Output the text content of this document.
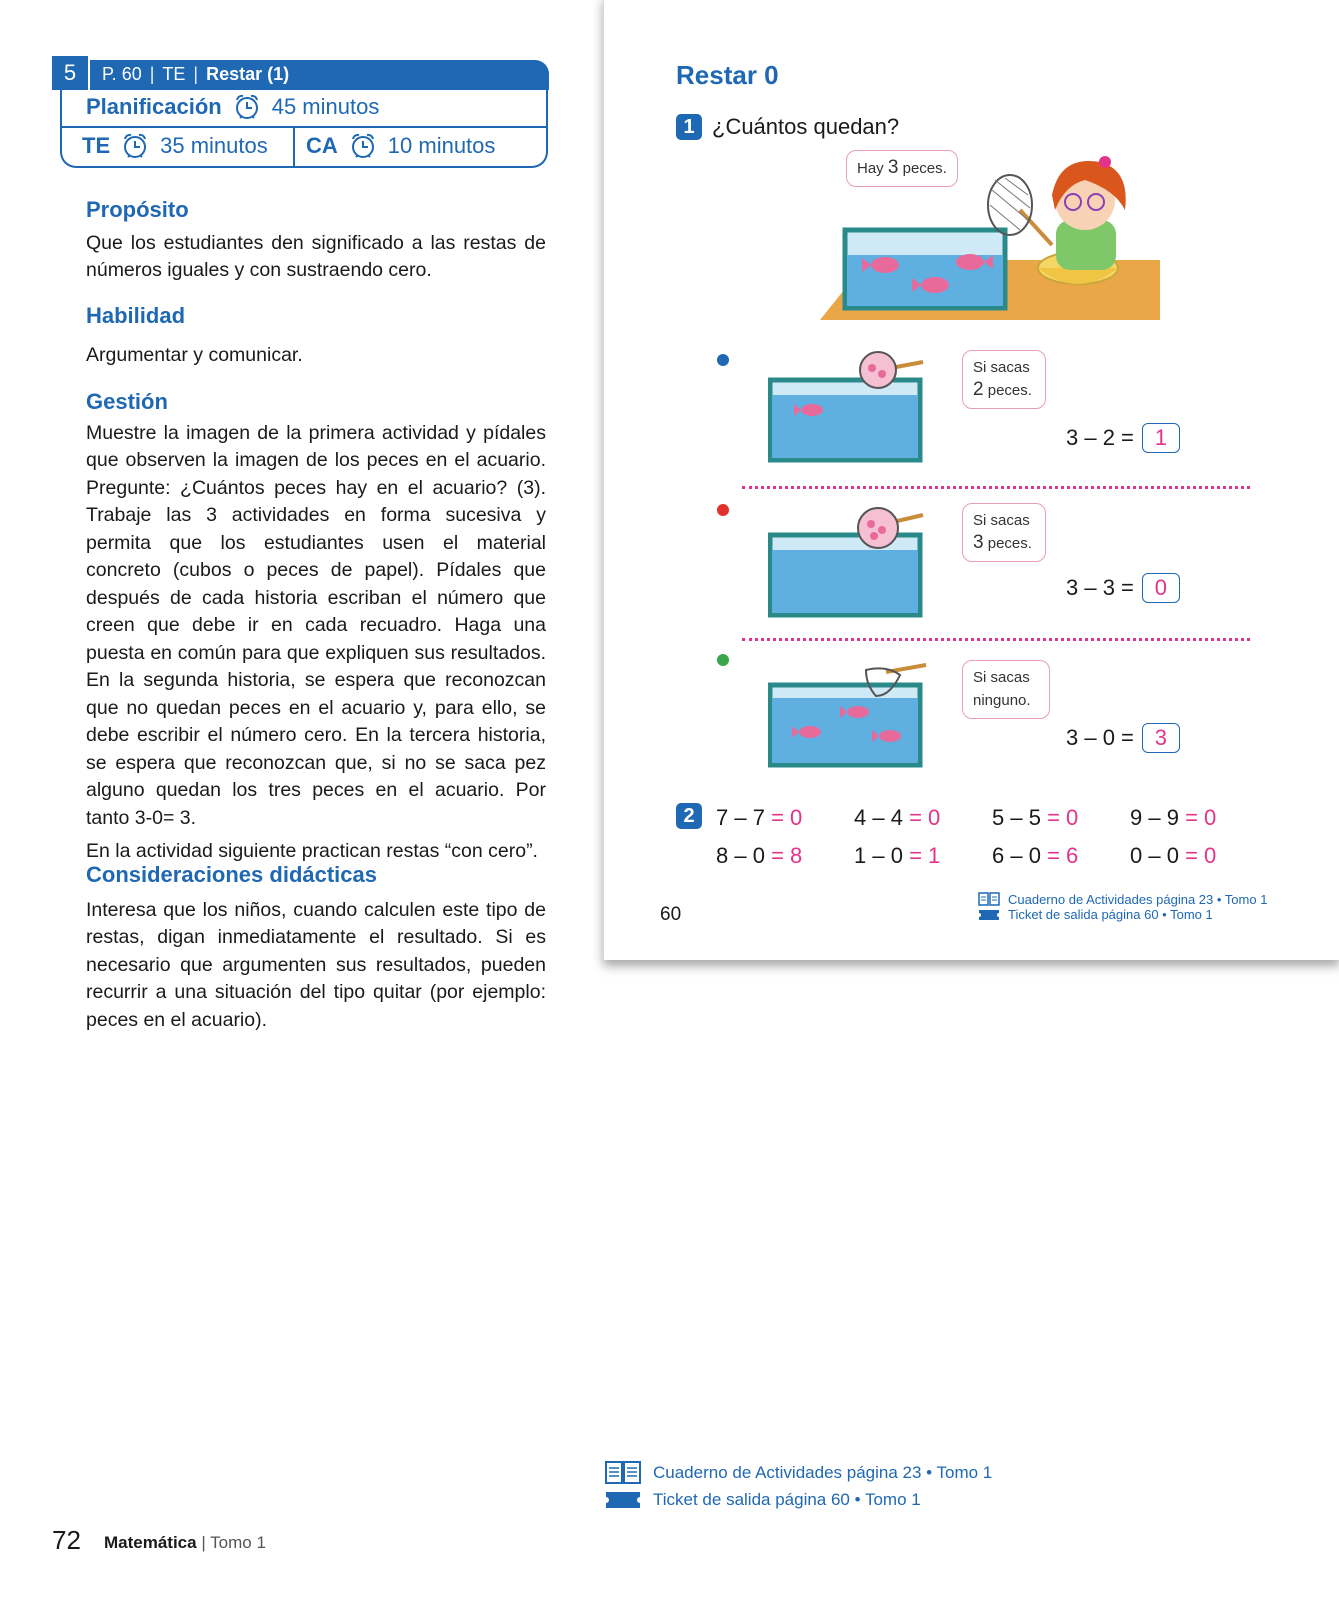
5	P. 60 | TE | Restar (1)
Planificación 45 minutos
TE 35 minutos CA 10 minutos
Propósito

Que los estudiantes den significado a las restas de números iguales y con sustraendo cero.

Habilidad

Argumentar y comunicar.

Gestión

Muestre la imagen de la primera actividad y pídales que observen la imagen de los peces en el acuario. Pregunte: ¿Cuántos peces hay en el acuario? (3). Trabaje las 3 actividades en forma sucesiva y permita que los estudiantes usen el material concreto (cubos o peces de papel). Pídales que después de cada historia escriban el número que creen que debe ir en cada recuadro. Haga una puesta en común para que expliquen sus resultados. En la segunda historia, se espera que reconozcan que no quedan peces en el acuario y, para ello, se debe escribir el número cero. En la tercera historia, se espera que reconozcan que, si no se saca pez alguno quedan los tres peces en el acuario. Por tanto 3-0= 3.

En la actividad siguiente practican restas “con cero”.

Consideraciones didácticas

Interesa que los niños, cuando calculen este tipo de restas, digan inmediatamente el resultado. Si es necesario que argumenten sus resultados, pueden recurrir a una situación del tipo quitar (por ejemplo: peces en el acuario).

Restar 0
1 ¿Cuántos quedan?
Hay 3 peces.
Si sacas
2 peces.
3 – 2 = 1
Si sacas
3 peces.
3 – 3 = 0
Si sacas
ninguno.
3 – 0 = 3
2 7 – 7 = 0 4 – 4 = 0 5 – 5 = 0 9 – 9 = 0
8 – 0 = 8 1 – 0 = 1 6 – 0 = 6 0 – 0 = 0
60
Cuaderno de Actividades página 23 • Tomo 1
Ticket de salida página 60 • Tomo 1
Cuaderno de Actividades página 23 • Tomo 1
Ticket de salida página 60 • Tomo 1
72 Matemática | Tomo 1
